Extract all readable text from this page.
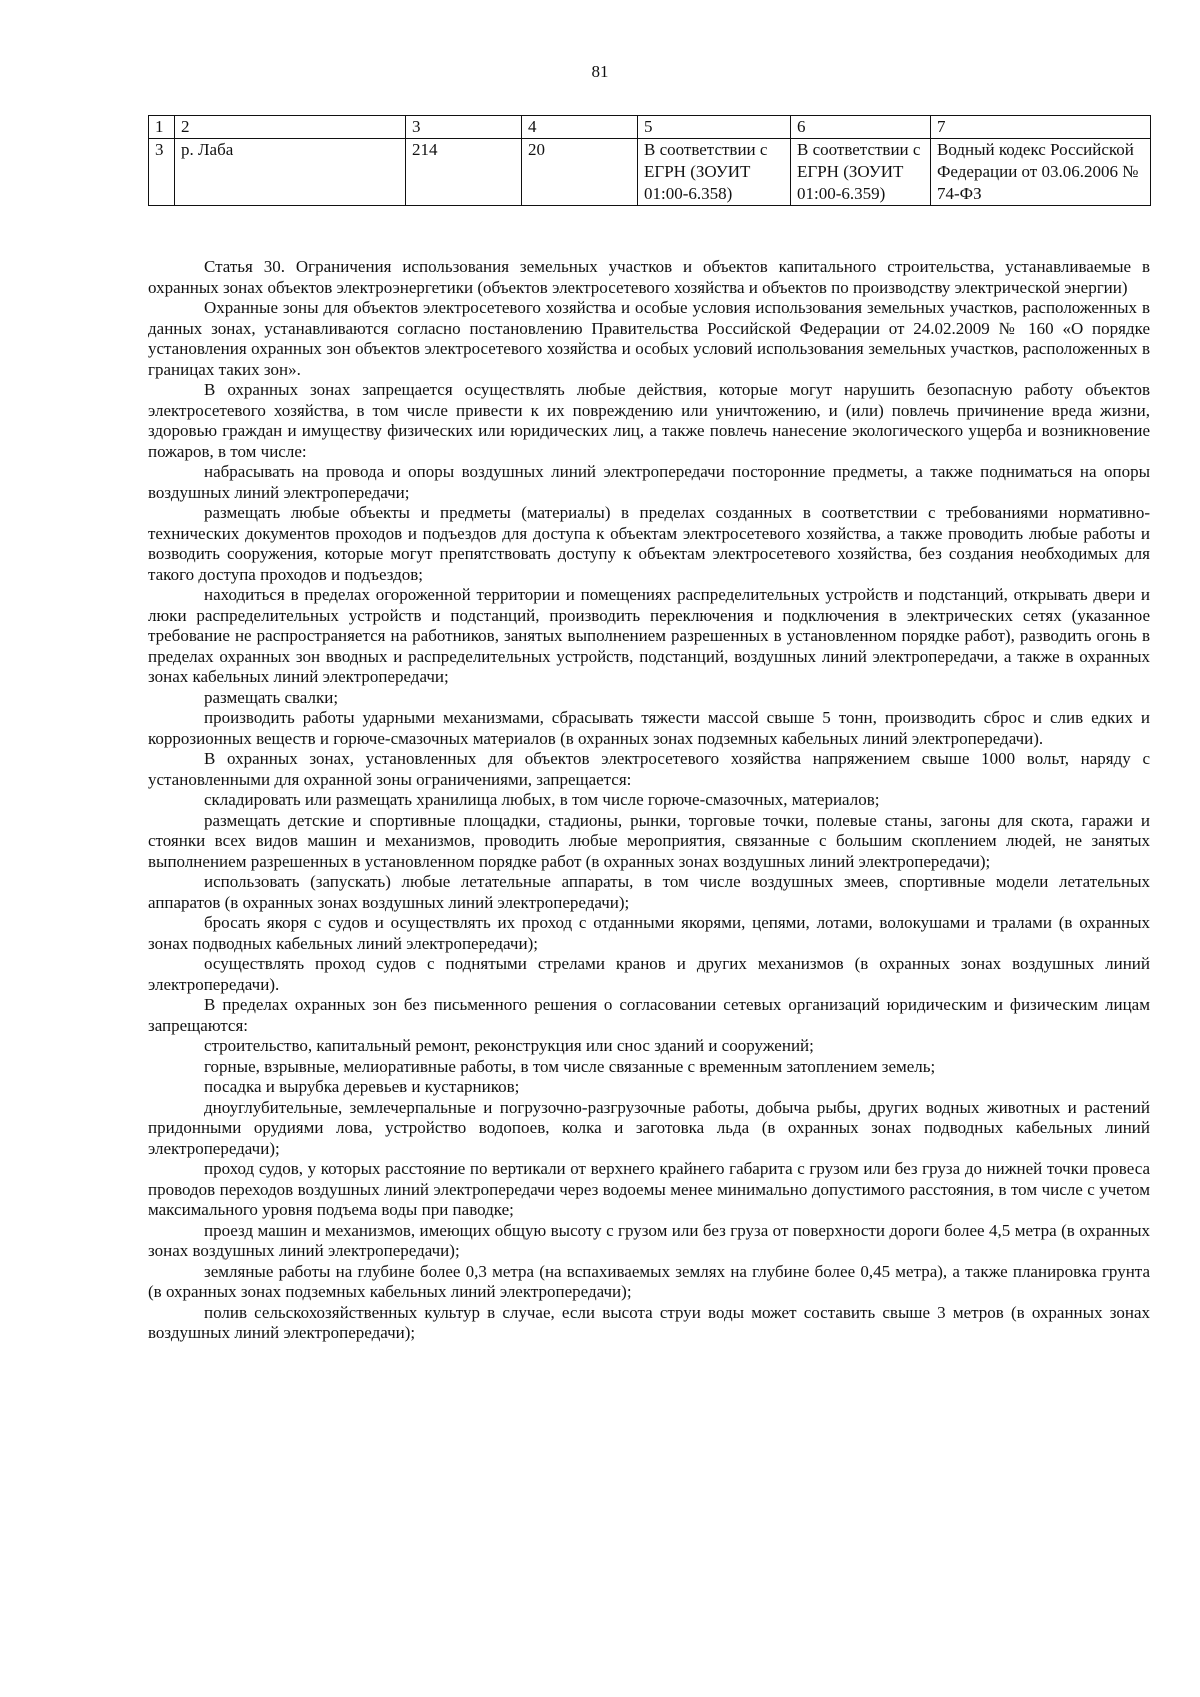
81
1	2	3	4	5	6	7
3	р. Лаба	214	20	В соответствии с ЕГРН (ЗОУИТ 01:00-6.358)	В соответствии с ЕГРН (ЗОУИТ 01:00-6.359)	Водный кодекс Российской Федерации от 03.06.2006 № 74-ФЗ

Статья 30. Ограничения использования земельных участков и объектов капитального строительства, устанавливаемые в охранных зонах объектов электроэнергетики (объектов электросетевого хозяйства и объектов по производству электрической энергии)

Охранные зоны для объектов электросетевого хозяйства и особые условия использования земельных участков, расположенных в данных зонах, устанавливаются согласно постановлению Правительства Российской Федерации от 24.02.2009 № 160 «О порядке установления охранных зон объектов электросетевого хозяйства и особых условий использования земельных участков, расположенных в границах таких зон».

В охранных зонах запрещается осуществлять любые действия, которые могут нарушить безопасную работу объектов электросетевого хозяйства, в том числе привести к их повреждению или уничтожению, и (или) повлечь причинение вреда жизни, здоровью граждан и имуществу физических или юридических лиц, а также повлечь нанесение экологического ущерба и возникновение пожаров, в том числе:

набрасывать на провода и опоры воздушных линий электропередачи посторонние предметы, а также подниматься на опоры воздушных линий электропередачи;

размещать любые объекты и предметы (материалы) в пределах созданных в соответствии с требованиями нормативно-технических документов проходов и подъездов для доступа к объектам электросетевого хозяйства, а также проводить любые работы и возводить сооружения, которые могут препятствовать доступу к объектам электросетевого хозяйства, без создания необходимых для такого доступа проходов и подъездов;

находиться в пределах огороженной территории и помещениях распределительных устройств и подстанций, открывать двери и люки распределительных устройств и подстанций, производить переключения и подключения в электрических сетях (указанное требование не распространяется на работников, занятых выполнением разрешенных в установленном порядке работ), разводить огонь в пределах охранных зон вводных и распределительных устройств, подстанций, воздушных линий электропередачи, а также в охранных зонах кабельных линий электропередачи;

размещать свалки;

производить работы ударными механизмами, сбрасывать тяжести массой свыше 5 тонн, производить сброс и слив едких и коррозионных веществ и горюче-смазочных материалов (в охранных зонах подземных кабельных линий электропередачи).

В охранных зонах, установленных для объектов электросетевого хозяйства напряжением свыше 1000 вольт, наряду с установленными для охранной зоны ограничениями, запрещается:

складировать или размещать хранилища любых, в том числе горюче-смазочных, материалов;

размещать детские и спортивные площадки, стадионы, рынки, торговые точки, полевые станы, загоны для скота, гаражи и стоянки всех видов машин и механизмов, проводить любые мероприятия, связанные с большим скоплением людей, не занятых выполнением разрешенных в установленном порядке работ (в охранных зонах воздушных линий электропередачи);

использовать (запускать) любые летательные аппараты, в том числе воздушных змеев, спортивные модели летательных аппаратов (в охранных зонах воздушных линий электропередачи);

бросать якоря с судов и осуществлять их проход с отданными якорями, цепями, лотами, волокушами и тралами (в охранных зонах подводных кабельных линий электропередачи);

осуществлять проход судов с поднятыми стрелами кранов и других механизмов (в охранных зонах воздушных линий электропередачи).

В пределах охранных зон без письменного решения о согласовании сетевых организаций юридическим и физическим лицам запрещаются:

строительство, капитальный ремонт, реконструкция или снос зданий и сооружений;

горные, взрывные, мелиоративные работы, в том числе связанные с временным затоплением земель;

посадка и вырубка деревьев и кустарников;

дноуглубительные, землечерпальные и погрузочно-разгрузочные работы, добыча рыбы, других водных животных и растений придонными орудиями лова, устройство водопоев, колка и заготовка льда (в охранных зонах подводных кабельных линий электропередачи);

проход судов, у которых расстояние по вертикали от верхнего крайнего габарита с грузом или без груза до нижней точки провеса проводов переходов воздушных линий электропередачи через водоемы менее минимально допустимого расстояния, в том числе с учетом максимального уровня подъема воды при паводке;

проезд машин и механизмов, имеющих общую высоту с грузом или без груза от поверхности дороги более 4,5 метра (в охранных зонах воздушных линий электропередачи);

земляные работы на глубине более 0,3 метра (на вспахиваемых землях на глубине более 0,45 метра), а также планировка грунта (в охранных зонах подземных кабельных линий электропередачи);

полив сельскохозяйственных культур в случае, если высота струи воды может составить свыше 3 метров (в охранных зонах воздушных линий электропередачи);
